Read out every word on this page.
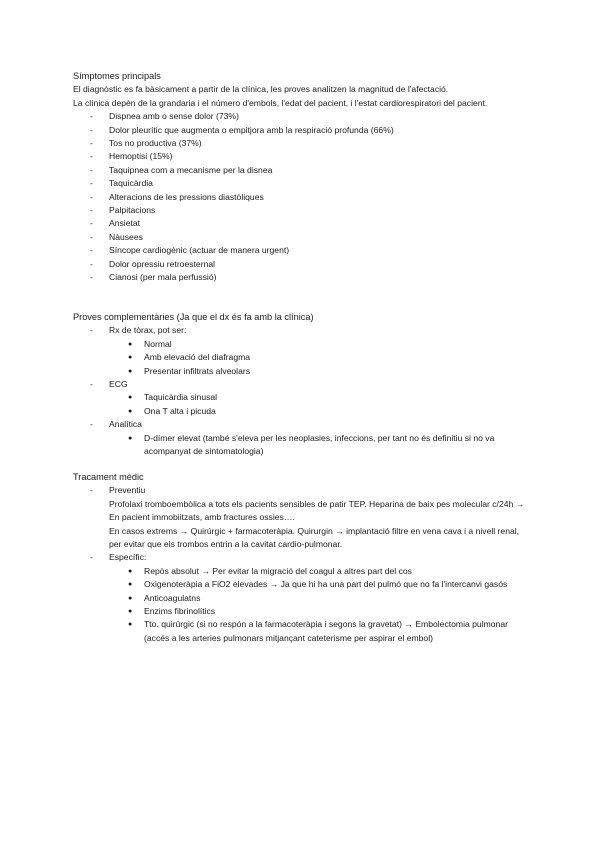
Símptomes principals

El diagnòstic es fa bàsicament a partir de la clínica, les proves analitzen la magnitud de l'afectació.

La clínica depèn de la grandaria i el número d'embols, l'edat del pacient, i l'estat cardiorespiratori del pacient.

- Dispnea amb o sense dolor (73%)
- Dolor pleurític que augmenta o empitjora amb la respiració profunda (66%)
- Tos no productiva (37%)
- Hemoptisi (15%)
- Taquipnea com a mecanisme per la disnea
- Taquicàrdia
- Alteracions de les pressions diastòliques
- Palpitacions
- Ansietat
- Nàusees
- Síncope cardiogènic (actuar de manera urgent)
- Dolor opressiu retroesternal
- Cianosi (per mala perfussió)
Proves complementàries (Ja que el dx és fa amb la clínica)
- Rx de tòrax, pot ser:
● Normal
● Amb elevació del diafragma
● Presentar infiltrats alveolars
- ECG
● Taquicàrdia sinusal
● Ona T alta i picuda
- Analítica
● D-dímer elevat (també s'eleva per les neoplasies, infeccions, per tant no és definitiu si no va acompanyat de sintomatologia)
Tracament mèdic
- Preventiu
Profolaxi tromboembòlica a tots els pacients sensibles de patir TEP. Heparina de baix pes molecular c/24h → En pacient immobiitzats, amb fractures ossies….
En casos extrems → Quirúrgic + farmacoteràpia. Quirurgin → implantació filtre en vena cava i a nivell renal, per evitar que els trombos entrin a la cavitat cardio-pulmonar.
- Específic:
● Repòs absolut → Per evitar la migració del coagul a altres part del cos
● Oxigenoteràpia a FiO2 elevades → Ja que hi ha una part del pulmó que no fa l'intercanvi gasós
● Anticoagulatns
● Enzims fibrinolítics
● Tto. quirúrgic (si no respón a la farmacoteràpia i segons la gravetat) → Embolectomia pulmonar (accés a les arteries pulmonars mitjançant cateterisme per aspirar el embol)
